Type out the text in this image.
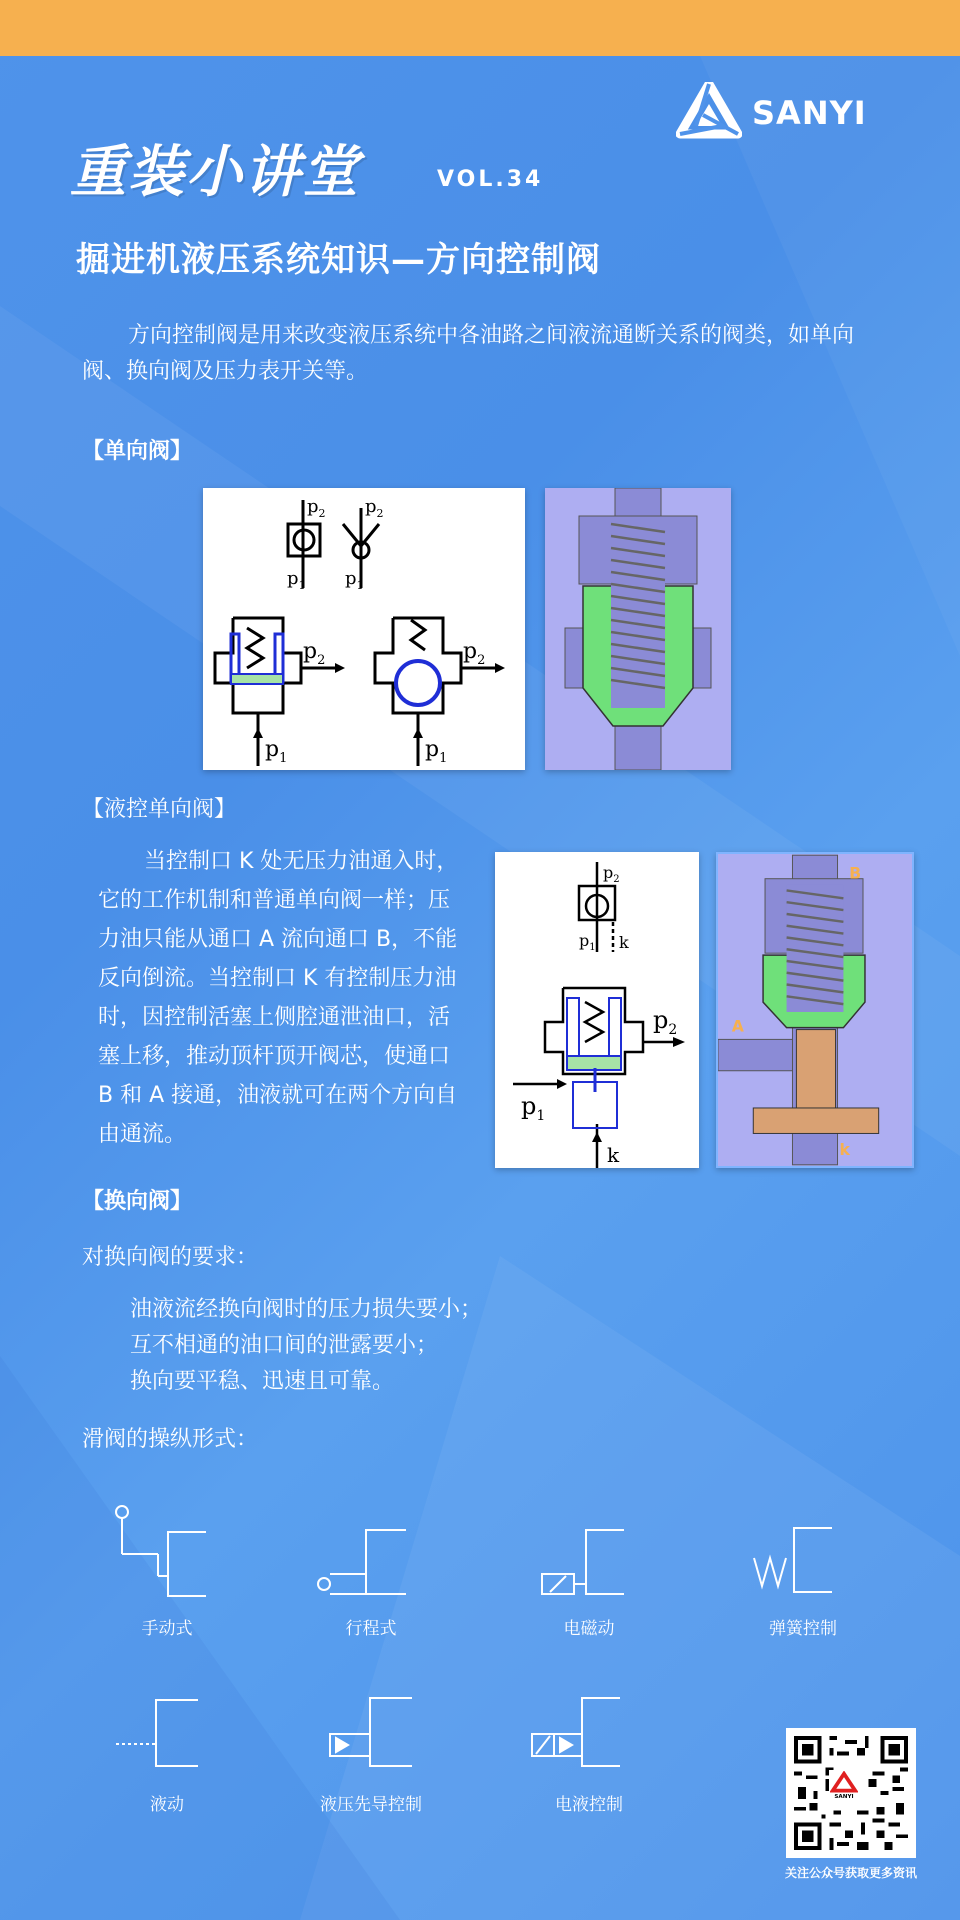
SANYI
重装小讲堂	VOL.34
掘进机液压系统知识—方向控制阀
方向控制阀是用来改变液压系统中各油路之间液流通断关系的阀类，如单向阀、换向阀及压力表开关等。
【单向阀】
$p_2$ $p_2$
$p_1$ $p_1$
$p_2$	$p_2$
$p_1$	$p_1$
【液控单向阀】
当控制口 K 处无压力油通入时，它的工作机制和普通单向阀一样；压力油只能从通口 A 流向通口 B，不能反向倒流。当控制口 K 有控制压力油时，因控制活塞上侧腔通泄油口，活塞上移，推动顶杆顶开阀芯，使通口 B 和 A 接通，油液就可在两个方向自由通流。
$p_2$
$p_1$ k
$p_2$
$p_1$
k
B
A
k
【换向阀】
对换向阀的要求：
油液流经换向阀时的压力损失要小；
互不相通的油口间的泄露要小；
换向要平稳、迅速且可靠。
滑阀的操纵形式：
手动式	行程式	电磁动	弹簧控制
液动	液压先导控制	电液控制	SANYI
关注公众号获取更多资讯
